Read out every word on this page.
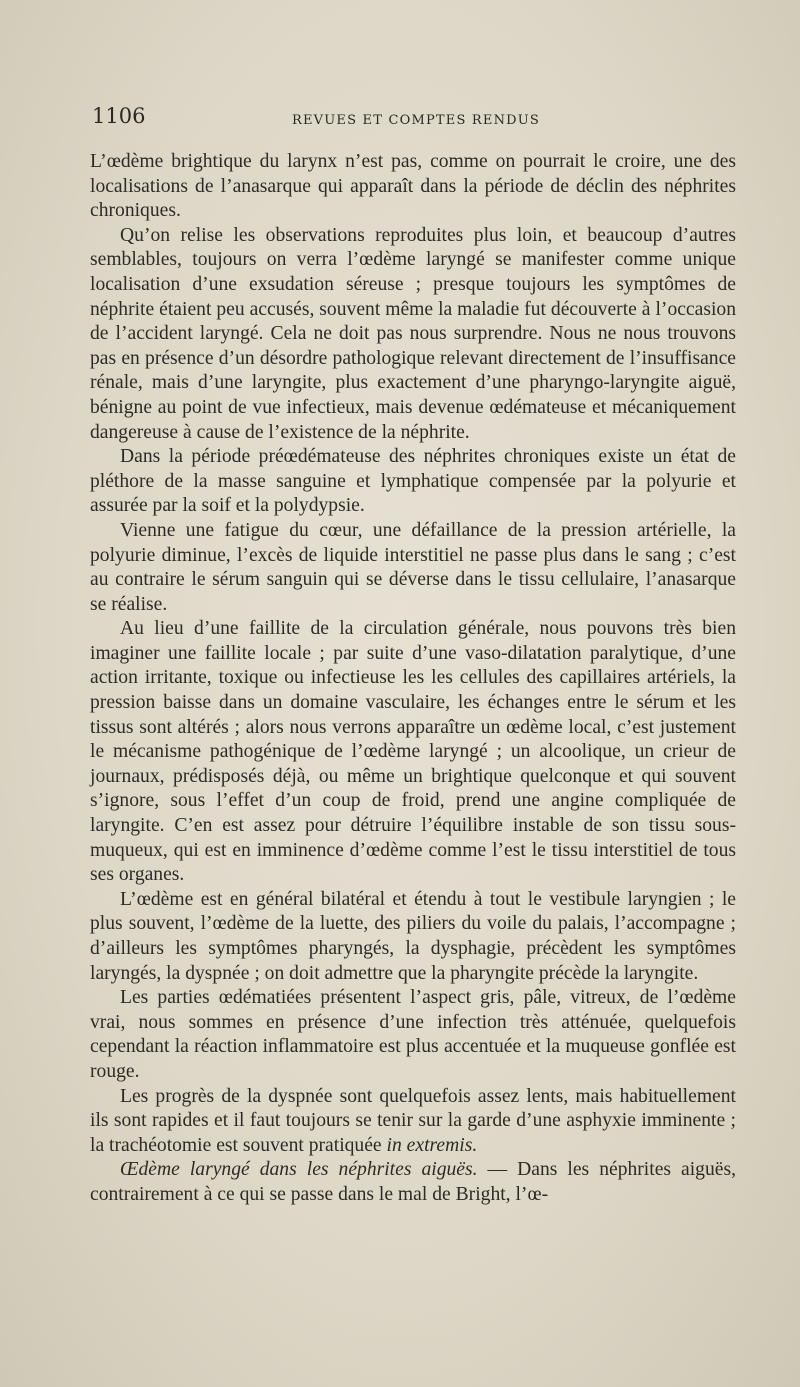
1106	REVUES ET COMPTES RENDUS

L’œdème brightique du larynx n’est pas, comme on pourrait le croire, une des localisations de l’anasarque qui apparaît dans la période de déclin des néphrites chroniques.

Qu’on relise les observations reproduites plus loin, et beaucoup d’autres semblables, toujours on verra l’œdème laryngé se manifester comme unique localisation d’une exsudation séreuse ; presque toujours les symptômes de néphrite étaient peu accusés, souvent même la maladie fut découverte à l’occasion de l’accident laryngé. Cela ne doit pas nous surprendre. Nous ne nous trouvons pas en présence d’un désordre pathologique relevant directement de l’insuffisance rénale, mais d’une laryngite, plus exactement d’une pharyngo-laryngite aiguë, bénigne au point de vue infectieux, mais devenue œdémateuse et mécaniquement dangereuse à cause de l’existence de la néphrite.

Dans la période préœdémateuse des néphrites chroniques existe un état de pléthore de la masse sanguine et lymphatique compensée par la polyurie et assurée par la soif et la polydypsie.

Vienne une fatigue du cœur, une défaillance de la pression artérielle, la polyurie diminue, l’excès de liquide interstitiel ne passe plus dans le sang ; c’est au contraire le sérum sanguin qui se déverse dans le tissu cellulaire, l’anasarque se réalise.

Au lieu d’une faillite de la circulation générale, nous pouvons très bien imaginer une faillite locale ; par suite d’une vaso-dilatation paralytique, d’une action irritante, toxique ou infectieuse les les cellules des capillaires artériels, la pression baisse dans un domaine vasculaire, les échanges entre le sérum et les tissus sont altérés ; alors nous verrons apparaître un œdème local, c’est justement le mécanisme pathogénique de l’œdème laryngé ; un alcoolique, un crieur de journaux, prédisposés déjà, ou même un brightique quelconque et qui souvent s’ignore, sous l’effet d’un coup de froid, prend une angine compliquée de laryngite. C’en est assez pour détruire l’équilibre instable de son tissu sous-muqueux, qui est en imminence d’œdème comme l’est le tissu interstitiel de tous ses organes.

L’œdème est en général bilatéral et étendu à tout le vestibule laryngien ; le plus souvent, l’œdème de la luette, des piliers du voile du palais, l’accompagne ; d’ailleurs les symptômes pharyngés, la dysphagie, précèdent les symptômes laryngés, la dyspnée ; on doit admettre que la pharyngite précède la laryngite.

Les parties œdématiées présentent l’aspect gris, pâle, vitreux, de l’œdème vrai, nous sommes en présence d’une infection très atténuée, quelquefois cependant la réaction inflammatoire est plus accentuée et la muqueuse gonflée est rouge.

Les progrès de la dyspnée sont quelquefois assez lents, mais habituellement ils sont rapides et il faut toujours se tenir sur la garde d’une asphyxie imminente ; la trachéotomie est souvent pratiquée in extremis.

Œdème laryngé dans les néphrites aiguës. — Dans les néphrites aiguës, contrairement à ce qui se passe dans le mal de Bright, l’œ-
